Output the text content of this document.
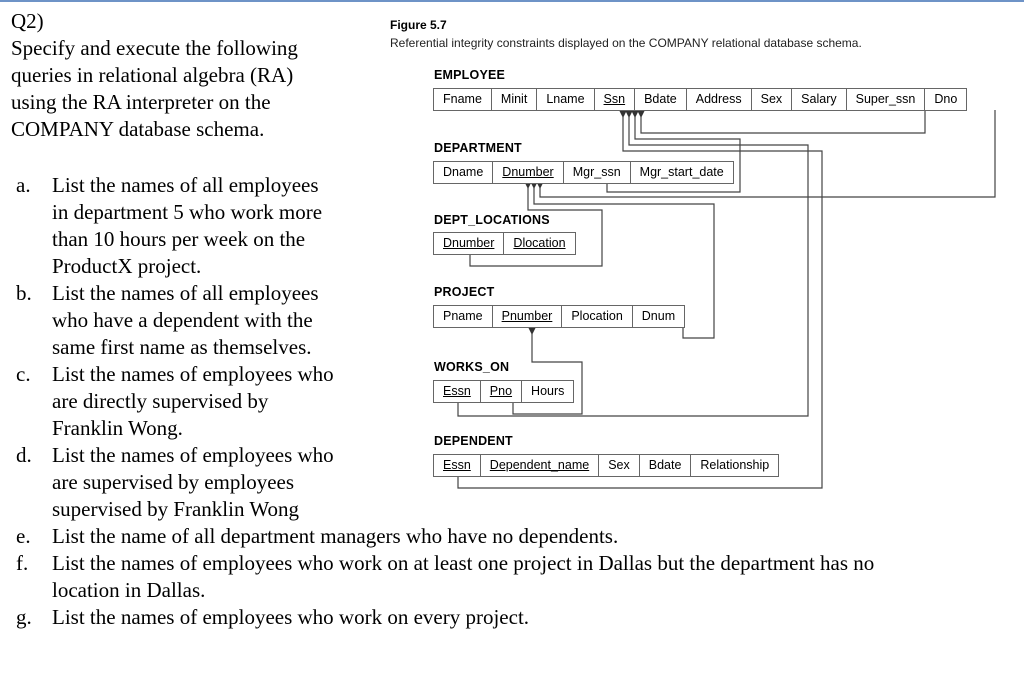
Q2)
Specify and execute the following
queries in relational algebra (RA)
using the RA interpreter on the
COMPANY database schema.
a. List the names of all employees
in department 5 who work more
than 10 hours per week on the
ProductX project.
b. List the names of all employees
who have a dependent with the
same first name as themselves.
c. List the names of employees who
are directly supervised by
Franklin Wong.
d. List the names of employees who
are supervised by employees
supervised by Franklin Wong
e. List the name of all department managers who have no dependents.
f. List the names of employees who work on at least one project in Dallas but the department has no
location in Dallas.
g. List the names of employees who work on every project.
Figure 5.7
Referential integrity constraints displayed on the COMPANY relational database schema.
EMPLOYEE
Fname	Minit	Lname	Ssn	Bdate	Address	Sex	Salary	Super_ssn	Dno
DEPARTMENT
Dname	Dnumber	Mgr_ssn	Mgr_start_date
DEPT_LOCATIONS
Dnumber	Dlocation
PROJECT
Pname	Pnumber	Plocation	Dnum
WORKS_ON
Essn	Pno	Hours
DEPENDENT
Essn	Dependent_name	Sex	Bdate	Relationship
